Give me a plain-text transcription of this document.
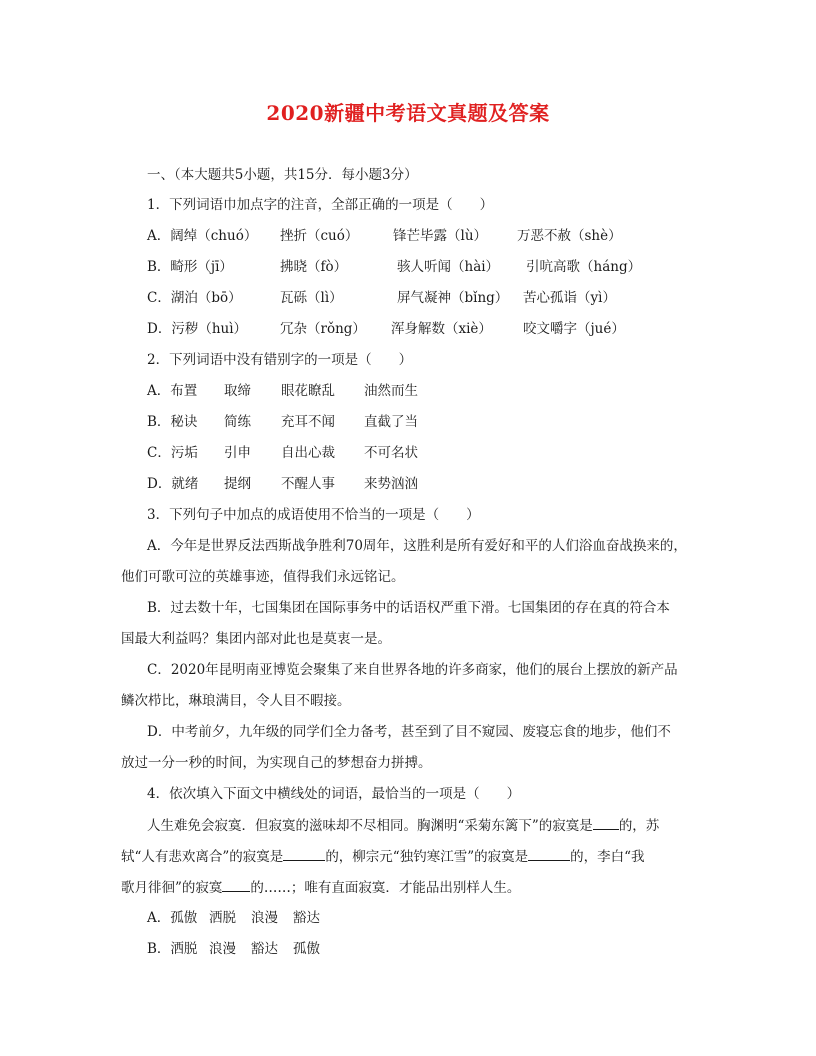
2020新疆中考语文真题及答案
一、（本大题共5小题，共15分．每小题3分）
1．下列词语巾加点字的注音，全部正确的一项是（　　）
A．阔绰（chuó） 挫折（cuó）	锋芒毕露（lù） 万恶不赦（shè）
B．畸形（jī）	拂晓（fò）	骇人听闻（hài） 引吭高歌（háng）
C．湖泊（bō）	瓦砾（lì）	屏气凝神（bǐng） 苦心孤诣（yì）
D．污秽（huì） 冗杂（rǒng） 浑身解数（xiè） 咬文嚼字（jué）
2．下列词语中没有错别字的一项是（　　）
A．布置 取缔 眼花瞭乱 油然而生
B．秘诀 简练 充耳不闻 直截了当
C．污垢 引申 自出心裁 不可名状
D．就绪 提纲 不醒人事 来势汹汹
3．下列句子中加点的成语使用不恰当的一项是（　　）
A．今年是世界反法西斯战争胜利70周年，这胜利是所有爱好和平的人们浴血奋战换来的，
他们可歌可泣的英雄事迹，值得我们永远铭记。
B．过去数十年，七国集团在国际事务中的话语权严重下滑。七国集团的存在真的符合本
国最大利益吗？集团内部对此也是莫衷一是。
C．2020年昆明南亚博览会聚集了来自世界各地的许多商家，他们的展台上摆放的新产品
鳞次栉比，琳琅满目，令人目不暇接。
D．中考前夕，九年级的同学们全力备考，甚至到了目不窥园、废寝忘食的地步，他们不
放过一分一秒的时间，为实现自己的梦想奋力拼搏。
4．依次填入下面文中横线处的词语，最恰当的一项是（　　）
人生难免会寂寞．但寂寞的滋味却不尽相同。胸渊明“采菊东篱下”的寂寞是 的，苏
轼“人有悲欢离合”的寂寞是	的，柳宗元“独钓寒江雪”的寂寞是	的，李白“我
歌月徘徊”的寂寞 的……；唯有直面寂寞．才能品出别样人生。
A．孤傲 洒脱 浪漫 豁达
B．洒脱 浪漫 豁达 孤傲
